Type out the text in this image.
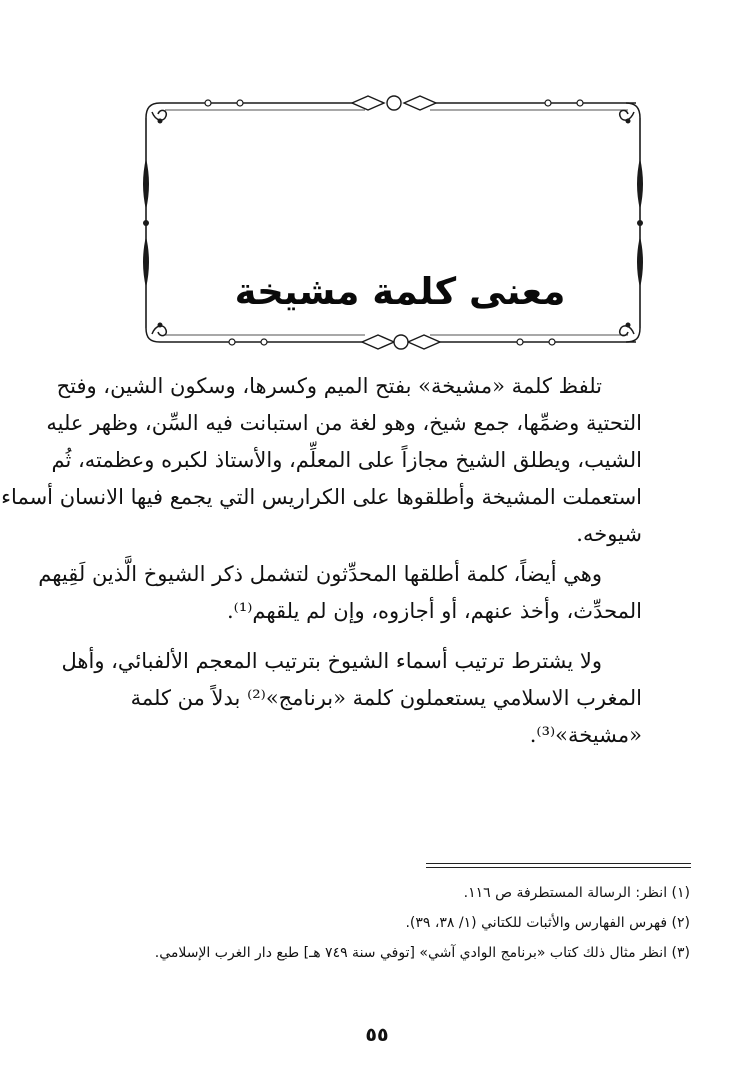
معنى كلمة مشيخة
تلفظ كلمة «مشيخة» بفتح الميم وكسرها، وسكون الشين، وفتح
التحتية وضمِّها، جمع شيخ، وهو لغة من استبانت فيه السِّن، وظهر عليه
الشيب، ويطلق الشيخ مجازاً على المعلِّم، والأستاذ لكبره وعظمته، ثُم
استعملت المشيخة وأطلقوها على الكراريس التي يجمع فيها الانسان أسماء
شيوخه.
وهي أيضاً، كلمة أطلقها المحدِّثون لتشمل ذكر الشيوخ الَّذين لَقِيهم
المحدِّث، وأخذ عنهم، أو أجازوه، وإن لم يلقهم⁽¹⁾.
ولا يشترط ترتيب أسماء الشيوخ بترتيب المعجم الألفبائي، وأهل
المغرب الاسلامي يستعملون كلمة «برنامج»⁽²⁾ بدلاً من كلمة
«مشيخة»⁽³⁾.
(١) انظر: الرسالة المستطرفة ص ١١٦.
(٢) فهرس الفهارس والأثبات للكتاني (١/ ٣٨، ٣٩).
(٣) انظر مثال ذلك كتاب «برنامج الوادي آشي» [توفي سنة ٧٤٩ هـ] طبع دار الغرب الإسلامي.
٥٥
